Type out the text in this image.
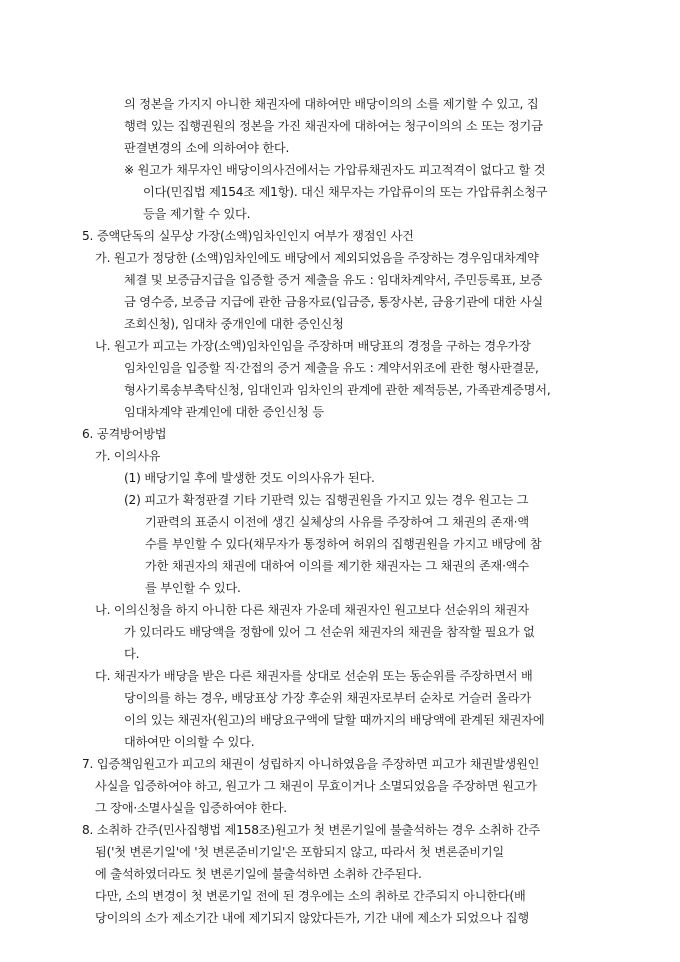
의 정본을 가지지 아니한 채권자에 대하여만 배당이의의 소를 제기할 수 있고, 집

행력 있는 집행권원의 정본을 가진 채권자에 대하여는 청구이의의 소 또는 정기금

판결변경의 소에 의하여야 한다.

※ 원고가 채무자인 배당이의사건에서는 가압류채권자도 피고적격이 없다고 할 것

이다(민집법 제154조 제1항). 대신 채무자는 가압류이의 또는 가압류취소청구

등을 제기할 수 있다.

5. 증액단독의 실무상 가장(소액)임차인인지 여부가 쟁점인 사건

가. 원고가 정당한 (소액)임차인에도 배당에서 제외되었음을 주장하는 경우임대차계약

체결 및 보증금지급을 입증할 증거 제출을 유도 : 임대차계약서, 주민등록표, 보증

금 영수증, 보증금 지급에 관한 금융자료(입금증, 통장사본, 금융기관에 대한 사실

조회신청), 임대차 중개인에 대한 증인신청

나. 원고가 피고는 가장(소액)임차인임을 주장하며 배당표의 경정을 구하는 경우가장

임차인임을 입증할 직·간접의 증거 제출을 유도 : 계약서위조에 관한 형사판결문,

형사기록송부촉탁신청, 임대인과 임차인의 관계에 관한 제적등본, 가족관계증명서,

임대차계약 관계인에 대한 증인신청 등

6. 공격방어방법

가. 이의사유

(1) 배당기일 후에 발생한 것도 이의사유가 된다.

(2) 피고가 확정판결 기타 기판력 있는 집행권원을 가지고 있는 경우 원고는 그

기판력의 표준시 이전에 생긴 실체상의 사유를 주장하여 그 채권의 존재·액

수를 부인할 수 있다(채무자가 통정하여 허위의 집행권원을 가지고 배당에 참

가한 채권자의 채권에 대하여 이의를 제기한 채권자는 그 채권의 존재·액수

를 부인할 수 있다.

나. 이의신청을 하지 아니한 다른 채권자 가운데 채권자인 원고보다 선순위의 채권자

가 있더라도 배당액을 정함에 있어 그 선순위 채권자의 채권을 참작할 필요가 없

다.

다. 채권자가 배당을 받은 다른 채권자를 상대로 선순위 또는 동순위를 주장하면서 배

당이의를 하는 경우, 배당표상 가장 후순위 채권자로부터 순차로 거슬러 올라가

이의 있는 채권자(원고)의 배당요구액에 달할 때까지의 배당액에 관계된 채권자에

대하여만 이의할 수 있다.

7. 입증책임원고가 피고의 채권이 성립하지 아니하였음을 주장하면 피고가 채권발생원인

사실을 입증하여야 하고, 원고가 그 채권이 무효이거나 소멸되었음을 주장하면 원고가

그 장애·소멸사실을 입증하여야 한다.

8. 소취하 간주(민사집행법 제158조)원고가 첫 변론기일에 불출석하는 경우 소취하 간주

됨('첫 변론기일'에 '첫 변론준비기일'은 포함되지 않고, 따라서 첫 변론준비기일

에 출석하였더라도 첫 변론기일에 불출석하면 소취하 간주된다.

다만, 소의 변경이 첫 변론기일 전에 된 경우에는 소의 취하로 간주되지 아니한다(배

당이의의 소가 제소기간 내에 제기되지 않았다든가, 기간 내에 제소가 되었으나 집행
